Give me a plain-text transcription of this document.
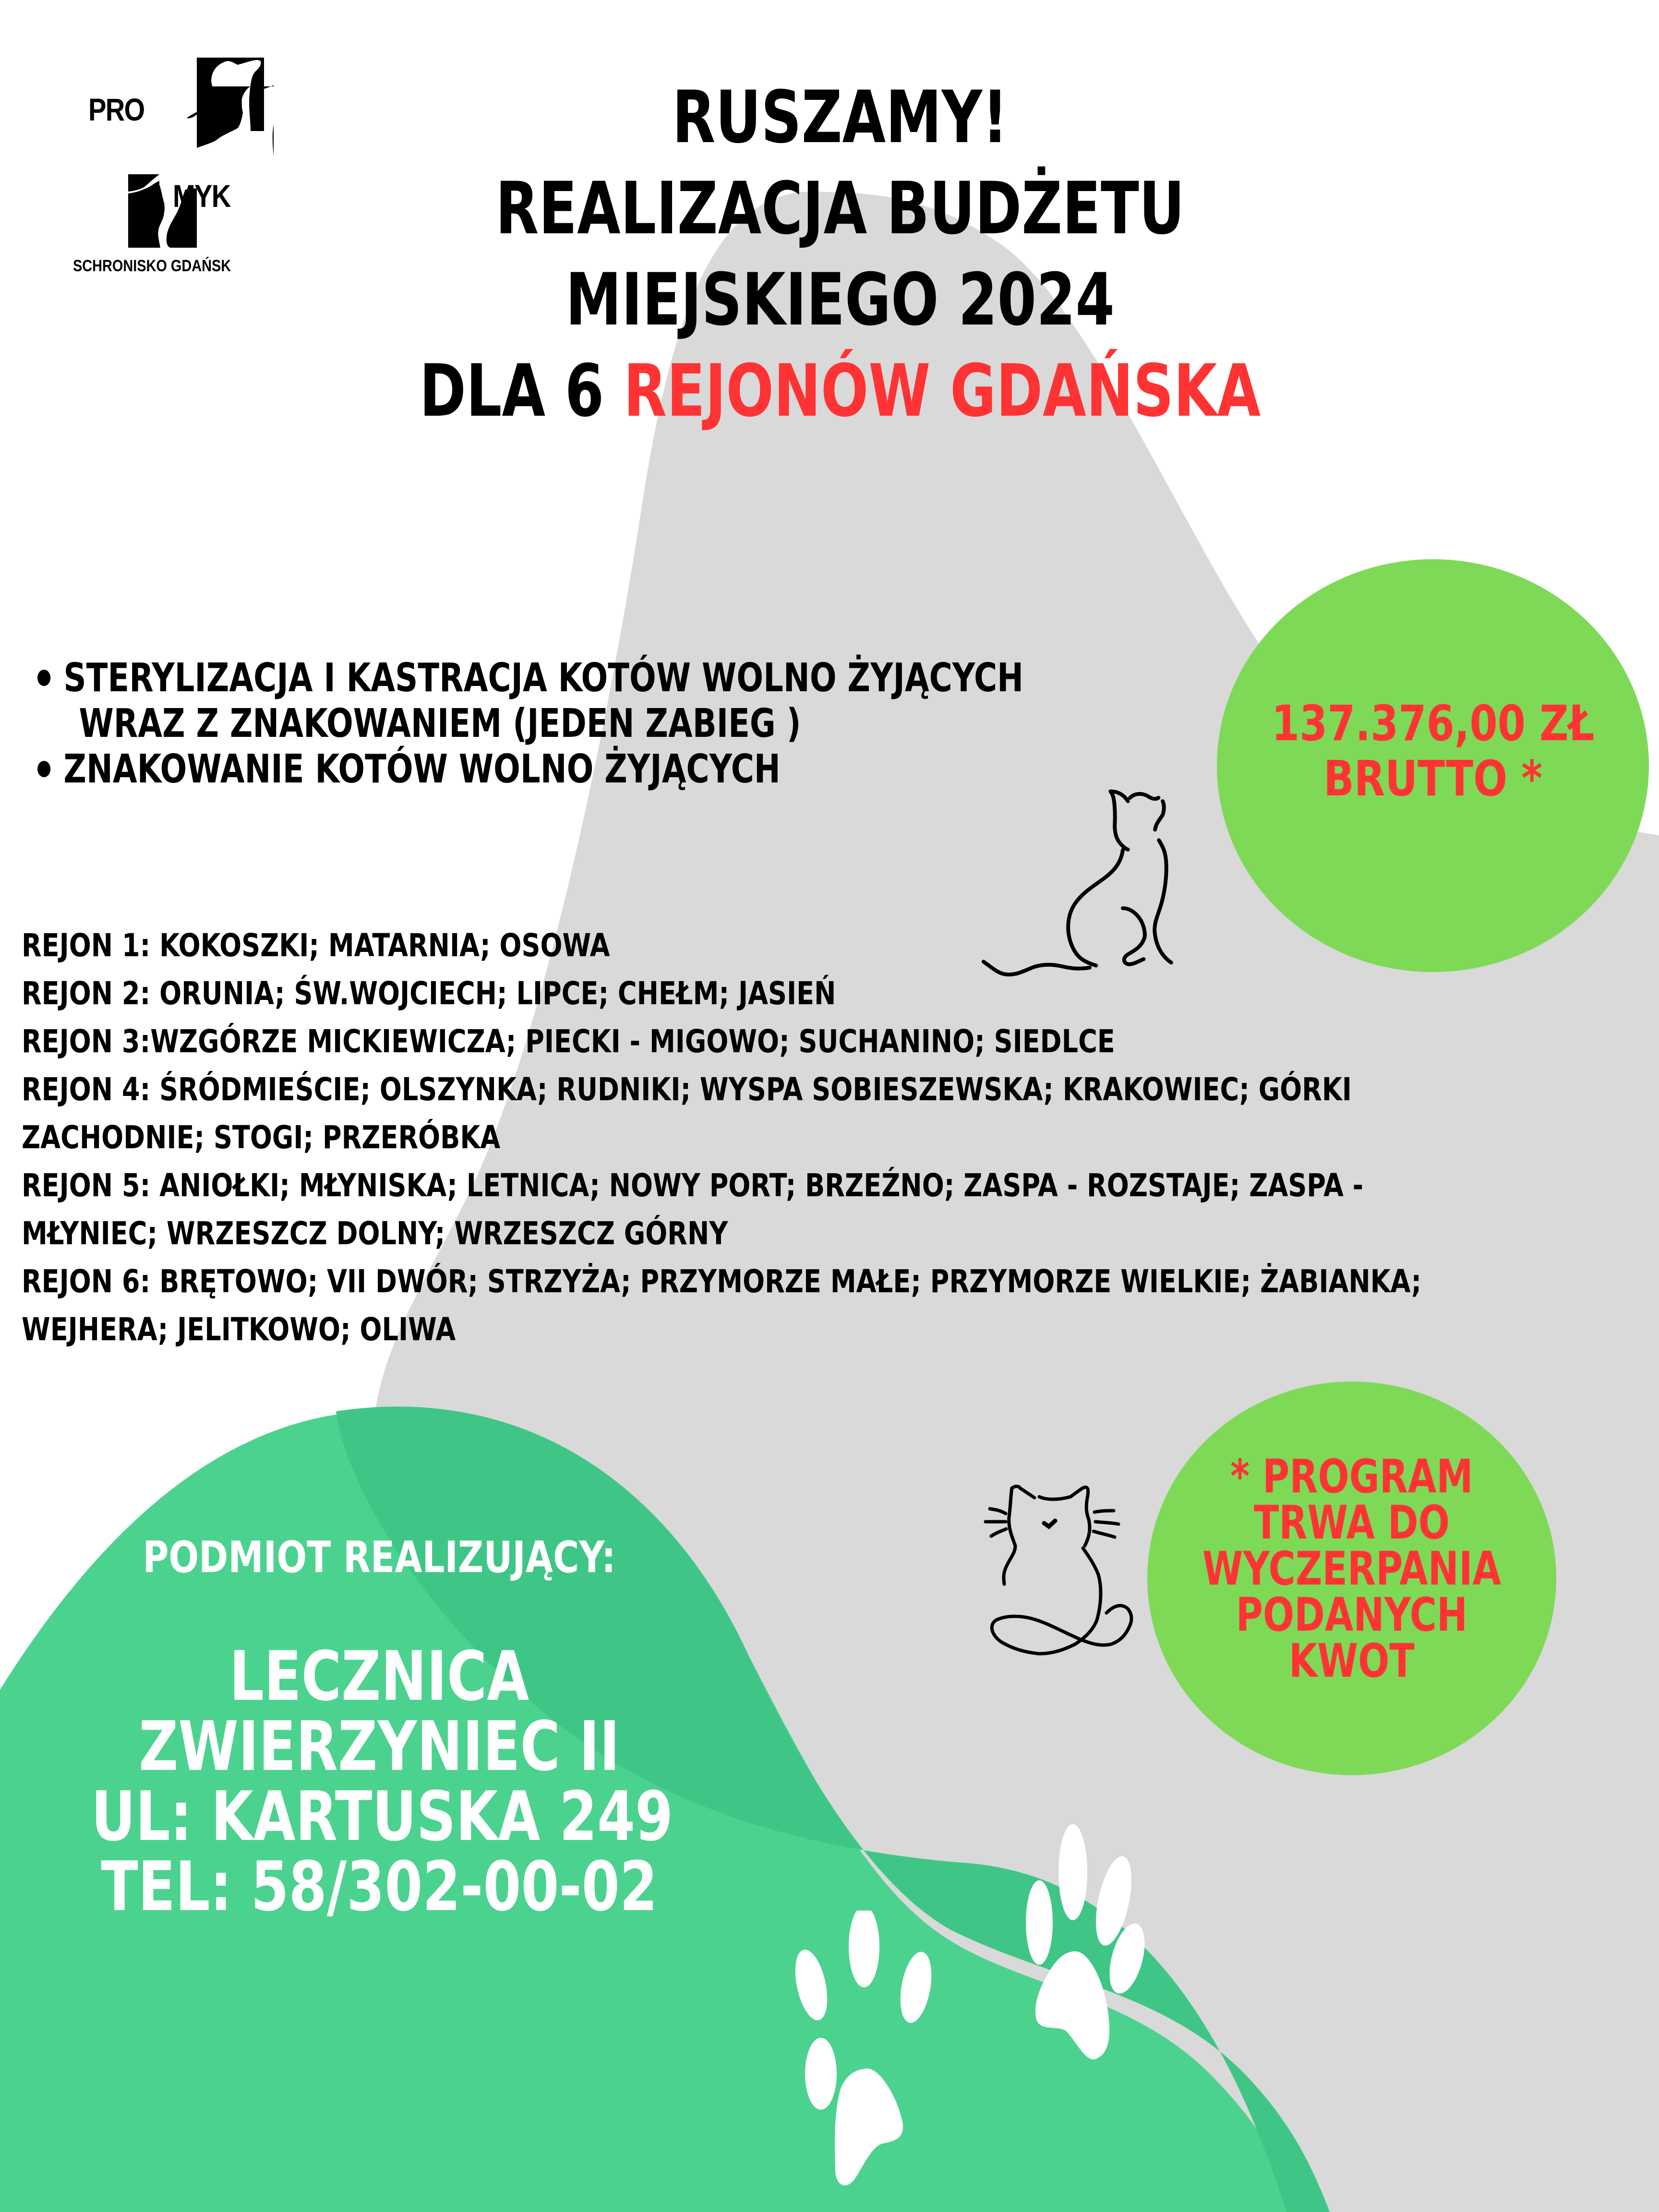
PRO
MYK
SCHRONISKO GDAŃSK
RUSZAMY!
REALIZACJA BUDŻETU
MIEJSKIEGO 2024
DLA 6 REJONÓW GDAŃSKA
STERYLIZACJA I KASTRACJA KOTÓW WOLNO ŻYJĄCYCH
WRAZ Z ZNAKOWANIEM (JEDEN ZABIEG )
ZNAKOWANIE KOTÓW WOLNO ŻYJĄCYCH
137.376,00 ZŁ
BRUTTO *
REJON 1: KOKOSZKI; MATARNIA; OSOWA
REJON 2: ORUNIA; ŚW.WOJCIECH; LIPCE; CHEŁM; JASIEŃ
REJON 3:WZGÓRZE MICKIEWICZA; PIECKI - MIGOWO; SUCHANINO; SIEDLCE
REJON 4: ŚRÓDMIEŚCIE; OLSZYNKA; RUDNIKI; WYSPA SOBIESZEWSKA; KRAKOWIEC; GÓRKI
ZACHODNIE; STOGI; PRZERÓBKA
REJON 5: ANIOŁKI; MŁYNISKA; LETNICA; NOWY PORT; BRZEŹNO; ZASPA - ROZSTAJE; ZASPA -
MŁYNIEC; WRZESZCZ DOLNY; WRZESZCZ GÓRNY
REJON 6: BRĘTOWO; VII DWÓR; STRZYŻA; PRZYMORZE MAŁE; PRZYMORZE WIELKIE; ŻABIANKA;
WEJHERA; JELITKOWO; OLIWA
* PROGRAM
TRWA DO
WYCZERPANIA
PODANYCH
KWOT
PODMIOT REALIZUJĄCY:
LECZNICA
ZWIERZYNIEC II
UL: KARTUSKA 249
TEL: 58/302-00-02
